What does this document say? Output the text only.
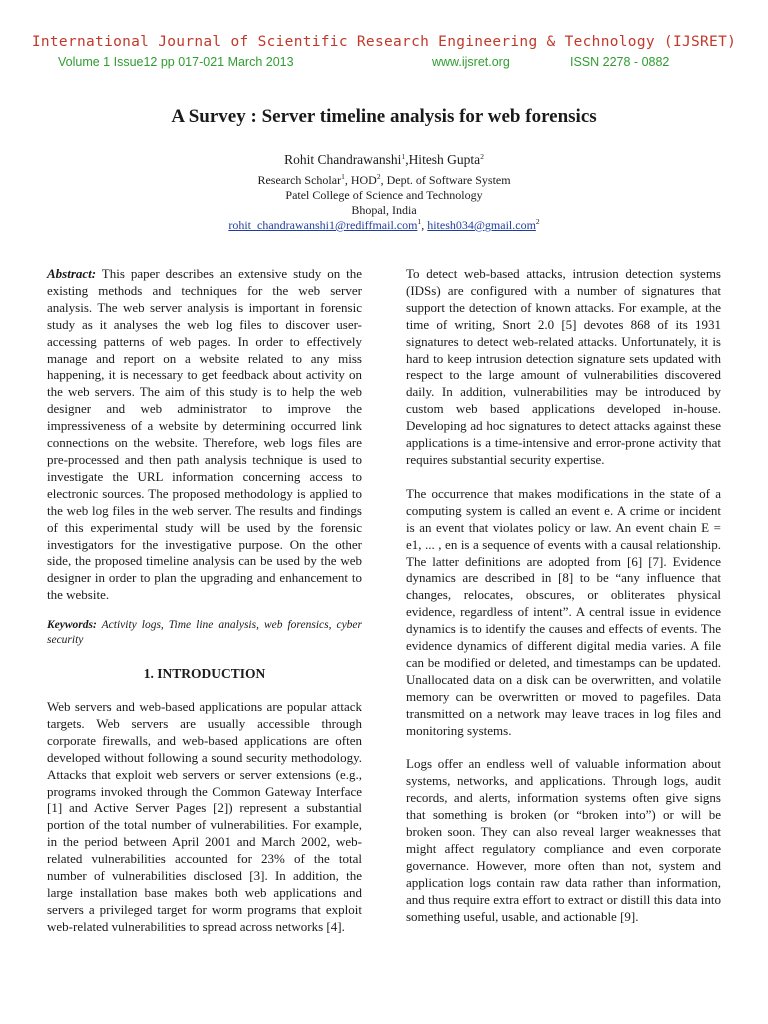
International Journal of Scientific Research Engineering & Technology (IJSRET)
Volume 1 Issue12 pp 017-021 March 2013	www.ijsret.org	ISSN 2278 - 0882
A Survey : Server timeline analysis for web forensics
Rohit Chandrawanshi$^1$,Hitesh Gupta$^2$
Research Scholar$^1$, HOD$^2$, Dept. of Software System
Patel College of Science and Technology
Bhopal, India
rohit_chandrawanshi1@rediffmail.com$^1$, hitesh034@gmail.com$^2$

Abstract: This paper describes an extensive study on the existing methods and techniques for the web server analysis. The web server analysis is important in forensic study as it analyses the web log files to discover user-accessing patterns of web pages. In order to effectively manage and report on a website related to any miss happening, it is necessary to get feedback about activity on the web servers. The aim of this study is to help the web designer and web administrator to improve the impressiveness of a website by determining occurred link connections on the website. Therefore, web logs files are pre-processed and then path analysis technique is used to investigate the URL information concerning access to electronic sources. The proposed methodology is applied to the web log files in the web server. The results and findings of this experimental study will be used by the forensic investigators for the investigative purpose. On the other side, the proposed timeline analysis can be used by the web designer in order to plan the upgrading and enhancement to the website.

Keywords: Activity logs, Time line analysis, web forensics, cyber security

1. INTRODUCTION

Web servers and web-based applications are popular attack targets. Web servers are usually accessible through corporate firewalls, and web-based applications are often developed without following a sound security methodology. Attacks that exploit web servers or server extensions (e.g., programs invoked through the Common Gateway Interface [1] and Active Server Pages [2]) represent a substantial portion of the total number of vulnerabilities. For example, in the period between April 2001 and March 2002, web-related vulnerabilities accounted for 23% of the total number of vulnerabilities disclosed [3]. In addition, the large installation base makes both web applications and servers a privileged target for worm programs that exploit web-related vulnerabilities to spread across networks [4].

To detect web-based attacks, intrusion detection systems (IDSs) are configured with a number of signatures that support the detection of known attacks. For example, at the time of writing, Snort 2.0 [5] devotes 868 of its 1931 signatures to detect web-related attacks. Unfortunately, it is hard to keep intrusion detection signature sets updated with respect to the large amount of vulnerabilities discovered daily. In addition, vulnerabilities may be introduced by custom web based applications developed in-house. Developing ad hoc signatures to detect attacks against these applications is a time-intensive and error-prone activity that requires substantial security expertise.

The occurrence that makes modifications in the state of a computing system is called an event e. A crime or incident is an event that violates policy or law. An event chain E = e1, ... , en is a sequence of events with a causal relationship. The latter definitions are adopted from [6] [7]. Evidence dynamics are described in [8] to be “any influence that changes, relocates, obscures, or obliterates physical evidence, regardless of intent”. A central issue in evidence dynamics is to identify the causes and effects of events. The evidence dynamics of different digital media varies. A file can be modified or deleted, and timestamps can be updated. Unallocated data on a disk can be overwritten, and volatile memory can be overwritten or moved to pagefiles. Data transmitted on a network may leave traces in log files and monitoring systems.

Logs offer an endless well of valuable information about systems, networks, and applications. Through logs, audit records, and alerts, information systems often give signs that something is broken (or “broken into”) or will be broken soon. They can also reveal larger weaknesses that might affect regulatory compliance and even corporate governance. However, more often than not, system and application logs contain raw data rather than information, and thus require extra effort to extract or distill this data into something useful, usable, and actionable [9].
